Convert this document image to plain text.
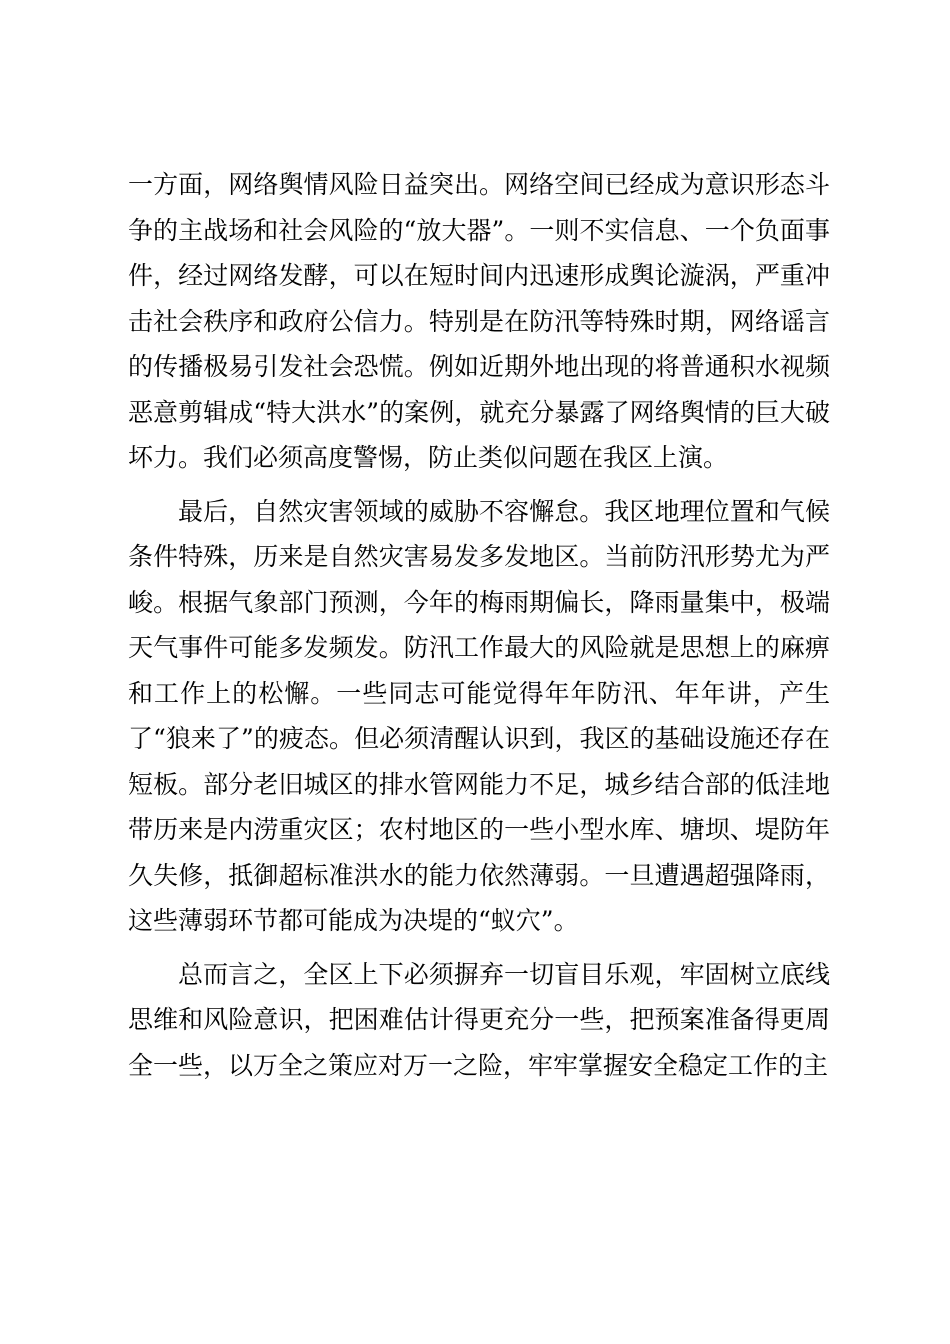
一方面，网络舆情风险日益突出。网络空间已经成为意识形态斗争的主战场和社会风险的“放大器”。一则不实信息、一个负面事件，经过网络发酵，可以在短时间内迅速形成舆论漩涡，严重冲击社会秩序和政府公信力。特别是在防汛等特殊时期，网络谣言的传播极易引发社会恐慌。例如近期外地出现的将普通积水视频恶意剪辑成“特大洪水”的案例，就充分暴露了网络舆情的巨大破坏力。我们必须高度警惕，防止类似问题在我区上演。

最后，自然灾害领域的威胁不容懈怠。我区地理位置和气候条件特殊，历来是自然灾害易发多发地区。当前防汛形势尤为严峻。根据气象部门预测，今年的梅雨期偏长，降雨量集中，极端天气事件可能多发频发。防汛工作最大的风险就是思想上的麻痹和工作上的松懈。一些同志可能觉得年年防汛、年年讲，产生了“狼来了”的疲态。但必须清醒认识到，我区的基础设施还存在短板。部分老旧城区的排水管网能力不足，城乡结合部的低洼地带历来是内涝重灾区；农村地区的一些小型水库、塘坝、堤防年久失修，抵御超标准洪水的能力依然薄弱。一旦遭遇超强降雨，这些薄弱环节都可能成为决堤的“蚁穴”。

总而言之，全区上下必须摒弃一切盲目乐观，牢固树立底线思维和风险意识，把困难估计得更充分一些，把预案准备得更周全一些，以万全之策应对万一之险，牢牢掌握安全稳定工作的主
